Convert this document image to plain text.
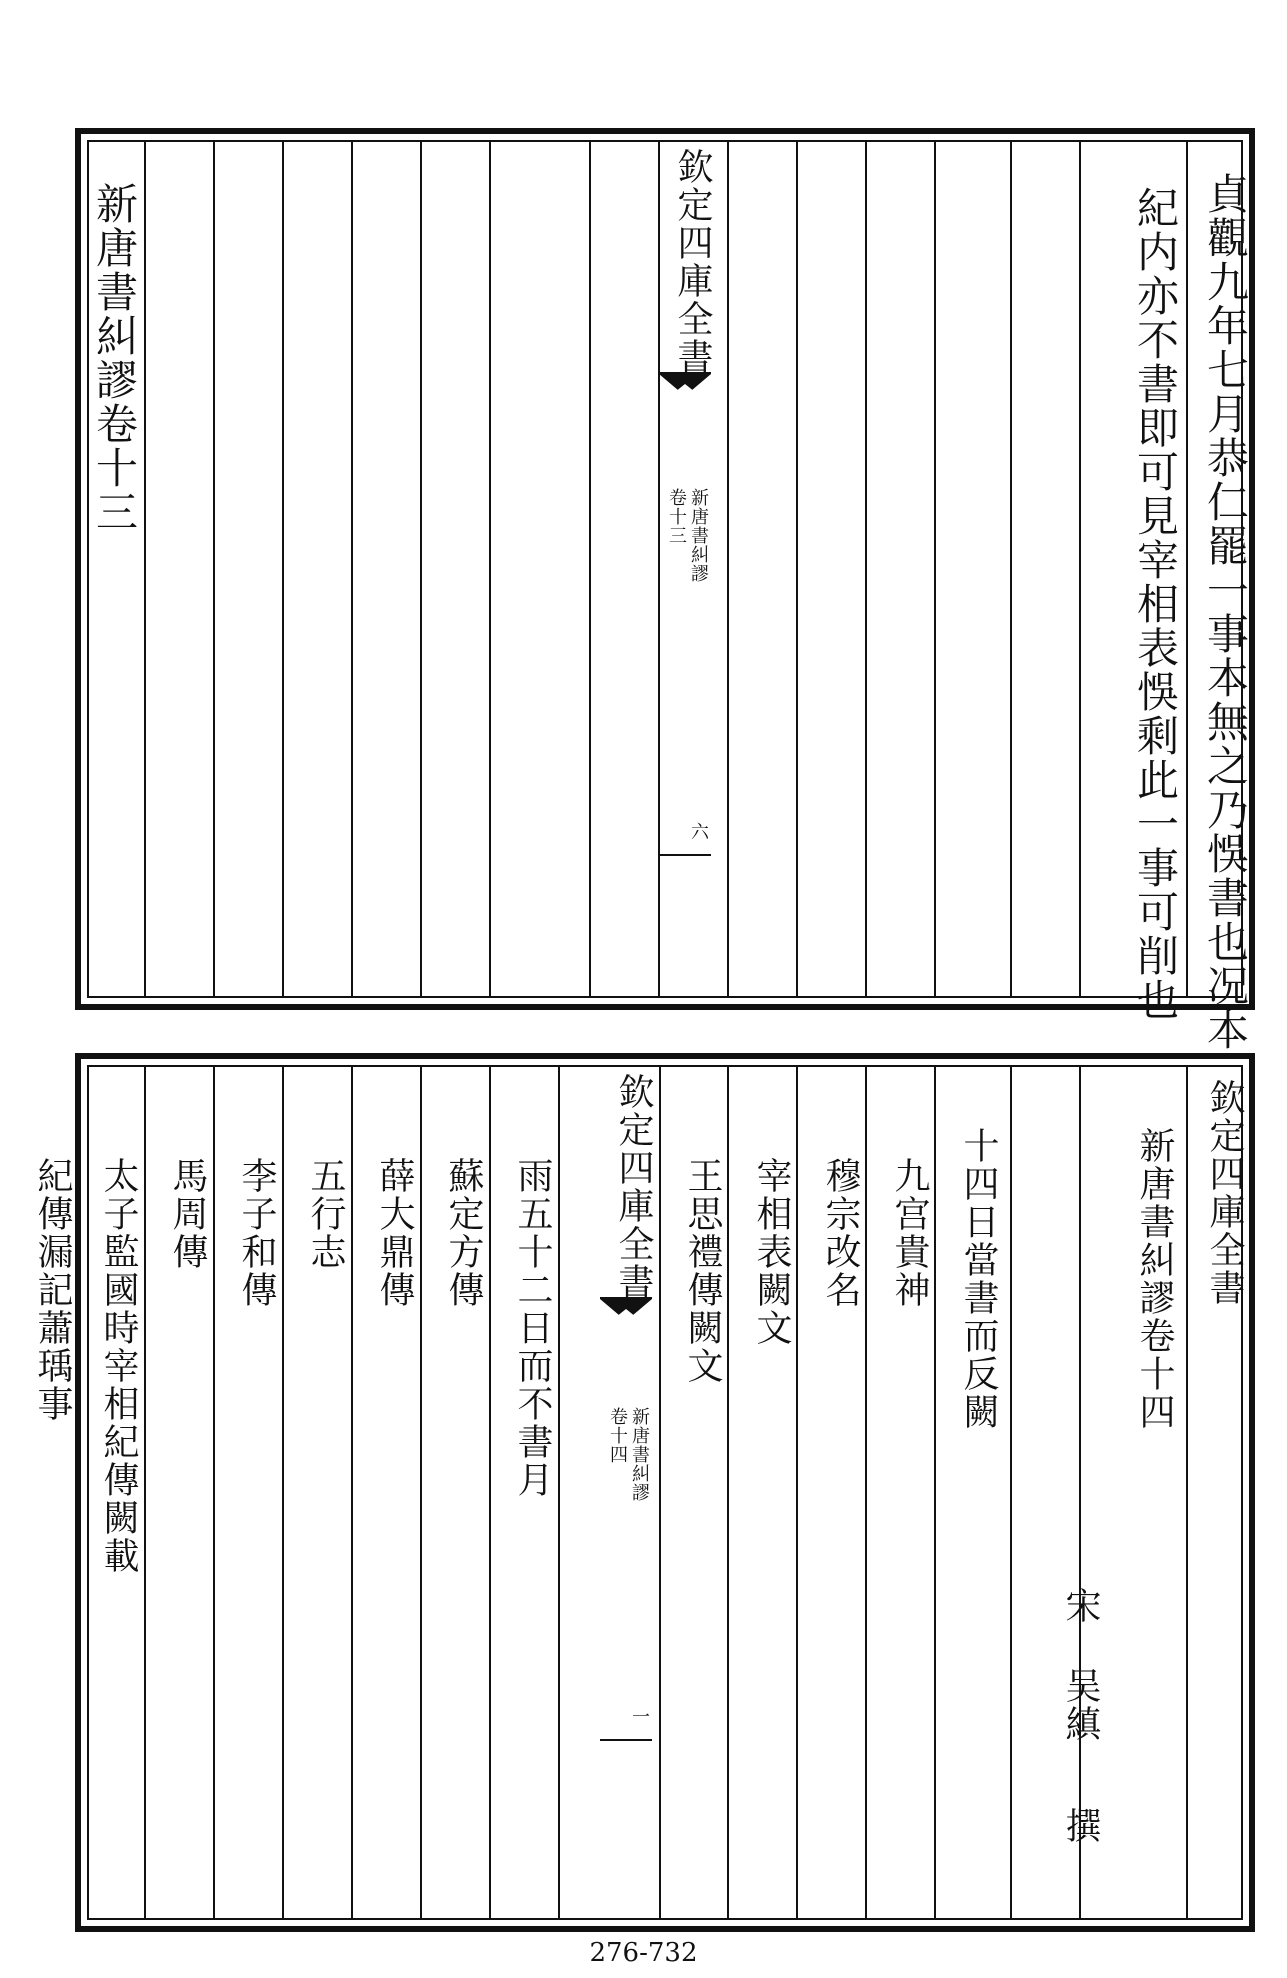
貞觀九年七月恭仁罷一事本無之乃悞書也况本
紀内亦不書即可見宰相表悞剩此一事可削也
欽定四庫全書
新唐書糾謬
卷十三
六
新唐書糾謬卷十三
欽定四庫全書
新唐書糾謬卷十四
宋
吴縝
撰
十四日當書而反闕
九宫貴神
穆宗改名
宰相表闕文
王思禮傳闕文
欽定四庫全書
新唐書糾謬
卷十四
一
雨五十二日而不書月
蘇定方傳
薛大鼎傳
五行志
李子和傳
馬周傳
太子監國時宰相紀傳闕載
紀傳漏記蕭瑀事
276-732
